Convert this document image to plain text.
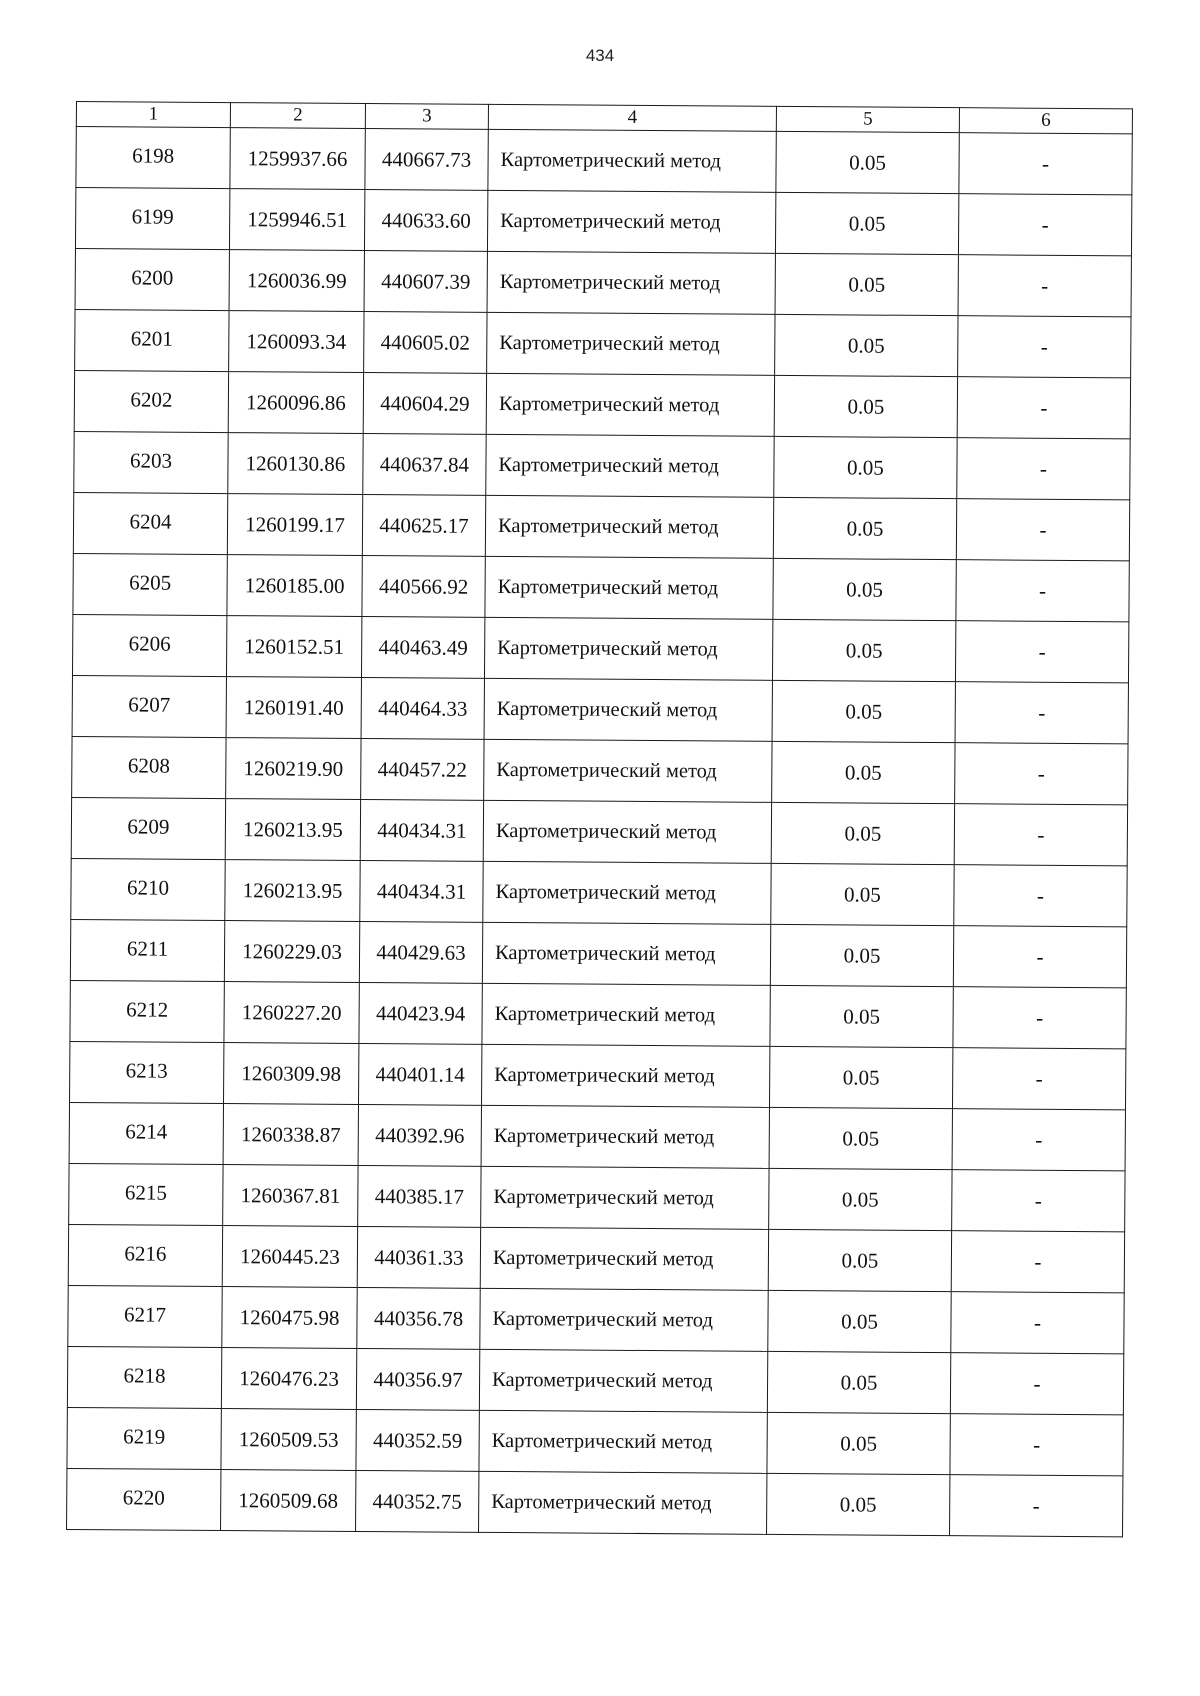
434
1	2	3	4	5	6
6198	1259937.66	440667.73	Картометрический метод	0.05	-
6199	1259946.51	440633.60	Картометрический метод	0.05	-
6200	1260036.99	440607.39	Картометрический метод	0.05	-
6201	1260093.34	440605.02	Картометрический метод	0.05	-
6202	1260096.86	440604.29	Картометрический метод	0.05	-
6203	1260130.86	440637.84	Картометрический метод	0.05	-
6204	1260199.17	440625.17	Картометрический метод	0.05	-
6205	1260185.00	440566.92	Картометрический метод	0.05	-
6206	1260152.51	440463.49	Картометрический метод	0.05	-
6207	1260191.40	440464.33	Картометрический метод	0.05	-
6208	1260219.90	440457.22	Картометрический метод	0.05	-
6209	1260213.95	440434.31	Картометрический метод	0.05	-
6210	1260213.95	440434.31	Картометрический метод	0.05	-
6211	1260229.03	440429.63	Картометрический метод	0.05	-
6212	1260227.20	440423.94	Картометрический метод	0.05	-
6213	1260309.98	440401.14	Картометрический метод	0.05	-
6214	1260338.87	440392.96	Картометрический метод	0.05	-
6215	1260367.81	440385.17	Картометрический метод	0.05	-
6216	1260445.23	440361.33	Картометрический метод	0.05	-
6217	1260475.98	440356.78	Картометрический метод	0.05	-
6218	1260476.23	440356.97	Картометрический метод	0.05	-
6219	1260509.53	440352.59	Картометрический метод	0.05	-
6220	1260509.68	440352.75	Картометрический метод	0.05	-
